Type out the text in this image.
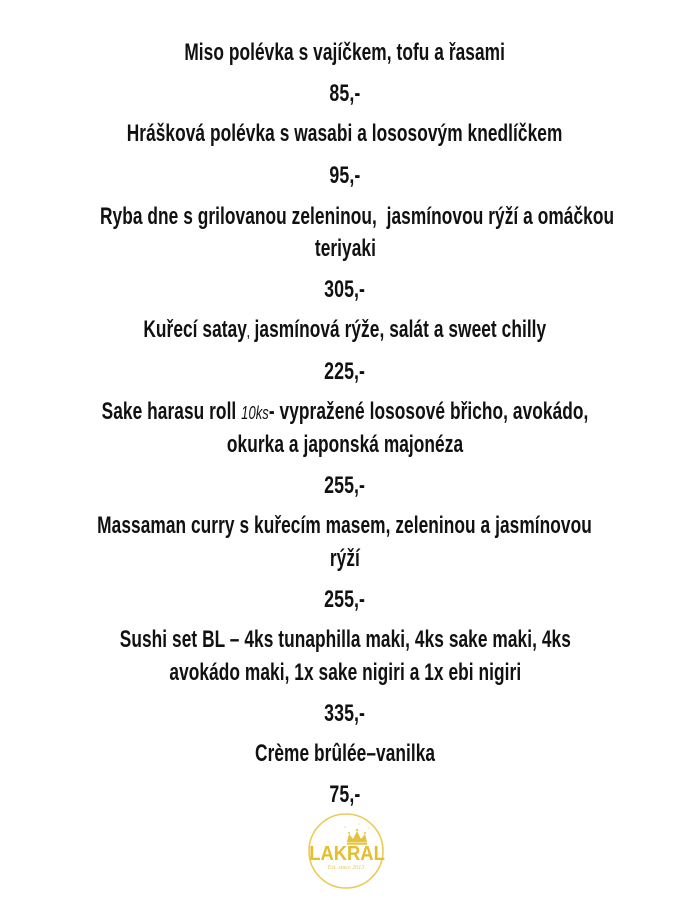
Miso polévka s vajíčkem, tofu a řasami
85,-
Hrášková polévka s wasabi a lososovým knedlíčkem
95,-
Ryba dne s grilovanou zeleninou,  jasmínovou rýží a omáčkou
teriyaki
305,-
Kuřecí satay, jasmínová rýže, salát a sweet chilly
225,-
Sake harasu roll 10ks- vypražené lososové břicho, avokádo,
okurka a japonská majonéza
255,-
Massaman curry s kuřecím masem, zeleninou a jasmínovou
rýží
255,-
Sushi set BL – 4ks tunaphilla maki, 4ks sake maki, 4ks
avokádo maki, 1x sake nigiri a 1x ebi nigiri
335,-
Crème brûlée–vanilka
75,-
LAKRAL
Est. since 2013
